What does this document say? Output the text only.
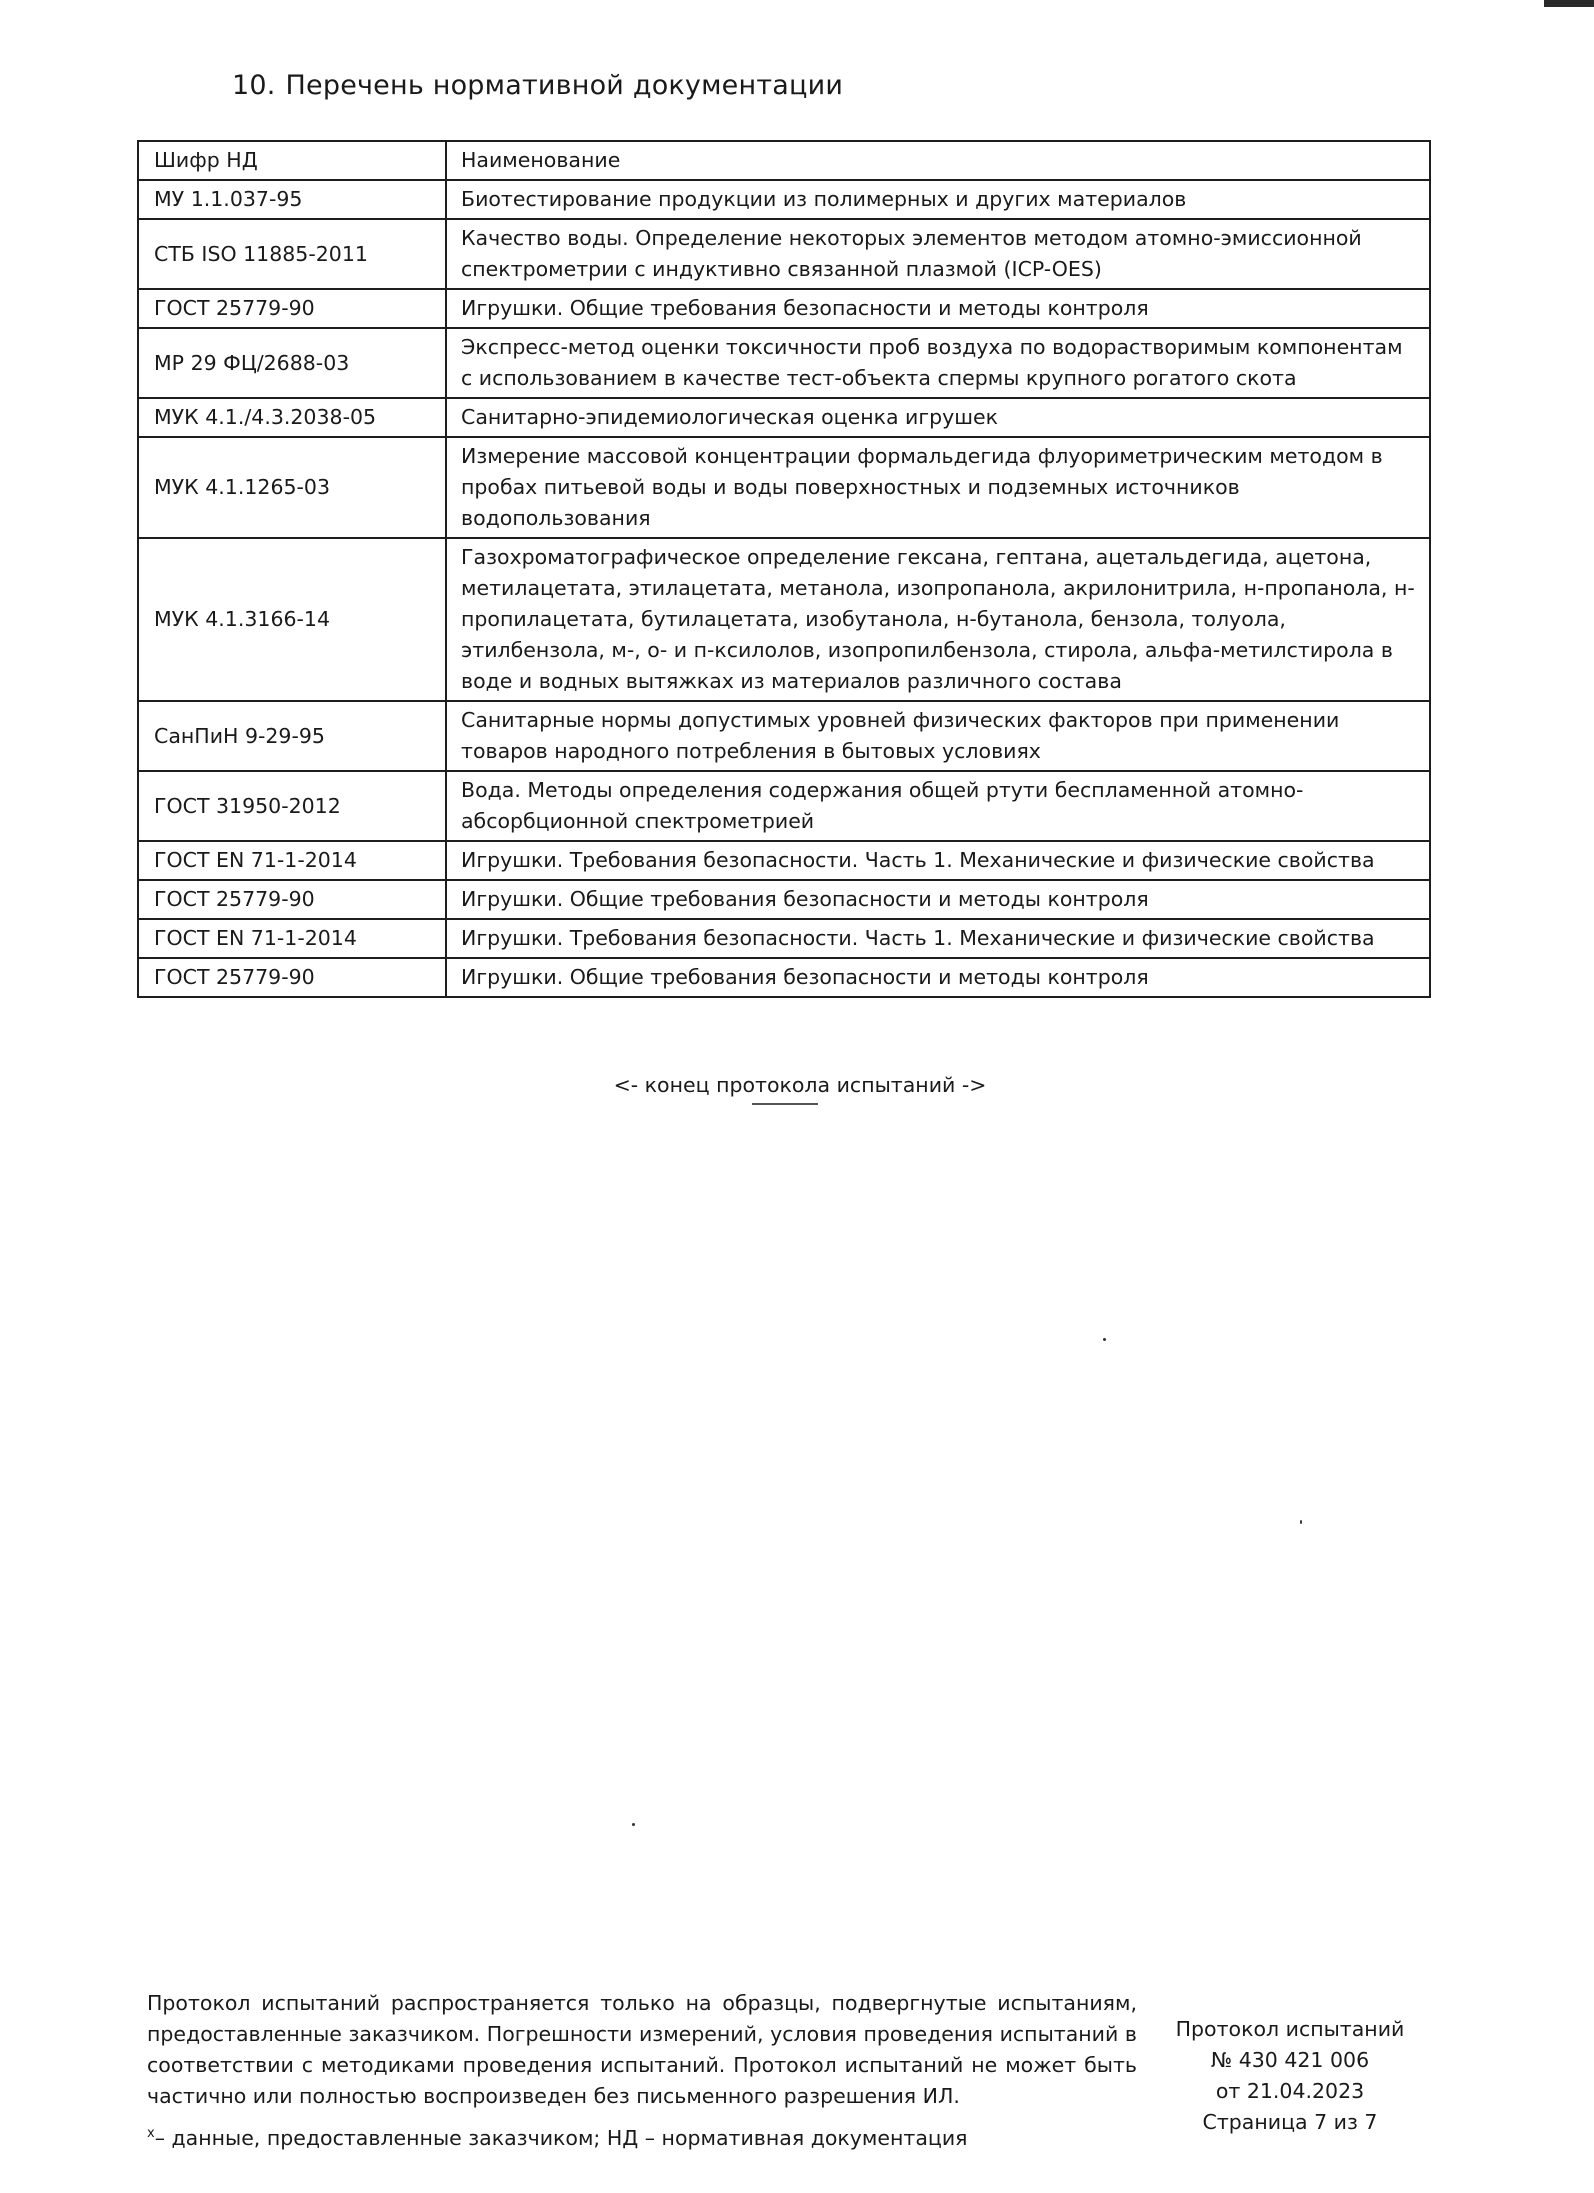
10. Перечень нормативной документации
Шифр НД	Наименование
МУ 1.1.037-95	Биотестирование продукции из полимерных и других материалов
СТБ ISO 11885-2011	Качество воды. Определение некоторых элементов методом атомно-эмиссионной спектрометрии с индуктивно связанной плазмой (ICP-OES)
ГОСТ 25779-90	Игрушки. Общие требования безопасности и методы контроля
МР 29 ФЦ/2688-03	Экспресс-метод оценки токсичности проб воздуха по водорастворимым компонентам с использованием в качестве тест-объекта спермы крупного рогатого скота
МУК 4.1./4.3.2038-05	Санитарно-эпидемиологическая оценка игрушек
МУК 4.1.1265-03	Измерение массовой концентрации формальдегида флуориметрическим методом в пробах питьевой воды и воды поверхностных и подземных источников водопользования
МУК 4.1.3166-14	Газохроматографическое определение гексана, гептана, ацетальдегида, ацетона, метилацетата, этилацетата, метанола, изопропанола, акрилонитрила, н-пропанола, н-пропилацетата, бутилацетата, изобутанола, н-бутанола, бензола, толуола, этилбензола, м-, о- и п-ксилолов, изопропилбензола, стирола, альфа-метилстирола в воде и водных вытяжках из материалов различного состава
СанПиН 9-29-95	Санитарные нормы допустимых уровней физических факторов при применении товаров народного потребления в бытовых условиях
ГОСТ 31950-2012	Вода. Методы определения содержания общей ртути беспламенной атомно-абсорбционной спектрометрией
ГОСТ EN 71-1-2014	Игрушки. Требования безопасности. Часть 1. Механические и физические свойства
ГОСТ 25779-90	Игрушки. Общие требования безопасности и методы контроля
ГОСТ EN 71-1-2014	Игрушки. Требования безопасности. Часть 1. Механические и физические свойства
ГОСТ 25779-90	Игрушки. Общие требования безопасности и методы контроля
<- конец протокола испытаний ->

Протокол испытаний распространяется только на образцы, подвергнутые испытаниям, предоставленные заказчиком. Погрешности измерений, условия проведения испытаний в соответствии с методиками проведения испытаний. Протокол испытаний не может быть частично или полностью воспроизведен без письменного разрешения ИЛ.

$^х$– данные, предоставленные заказчиком; НД – нормативная документация
Протокол испытаний
№ 430 421 006
от 21.04.2023
Страница 7 из 7
